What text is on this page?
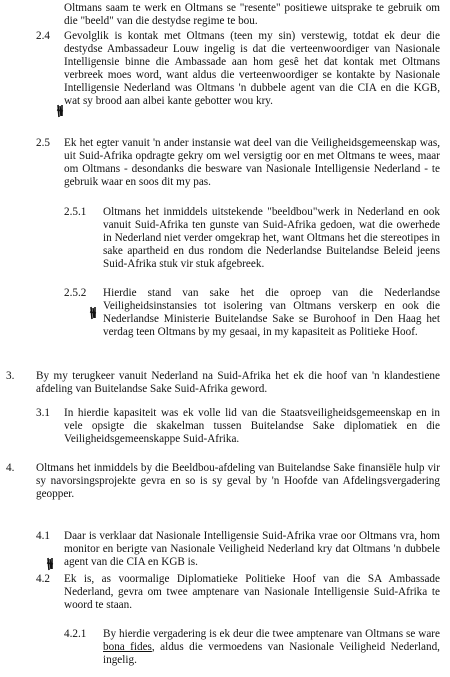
Oltmans saam te werk en Oltmans se "resente" positiewe uitsprake te gebruik om die "beeld" van die destydse regime te bou.
2.4 Gevolglik is kontak met Oltmans (teen my sin) verstewig, totdat ek deur die destydse Ambassadeur Louw ingelig is dat die verteenwoordiger van Nasionale Intelligensie binne die Ambassade aan hom gesê het dat kontak met Oltmans verbreek moes word, want aldus die verteenwoordiger se kontakte by Nasionale Intelligensie Nederland was Oltmans 'n dubbele agent van die CIA en die KGB, wat sy brood aan albei kante gebotter wou kry.
2.5 Ek het egter vanuit 'n ander instansie wat deel van die Veiligheidsgemeenskap was, uit Suid-Afrika opdragte gekry om wel versigtig oor en met Oltmans te wees, maar om Oltmans - desondanks die besware van Nasionale Intelligensie Nederland - te gebruik waar en soos dit my pas.
2.5.1 Oltmans het inmiddels uitstekende "beeldbou"werk in Nederland en ook vanuit Suid-Afrika ten gunste van Suid-Afrika gedoen, wat die owerhede in Nederland niet verder omgekrap het, want Oltmans het die stereotipes in sake apartheid en dus rondom die Nederlandse Buitelandse Beleid jeens Suid-Afrika stuk vir stuk afgebreek.
2.5.2 Hierdie stand van sake het die oproep van die Nederlandse Veiligheidsinstansies tot isolering van Oltmans verskerp en ook die Nederlandse Ministerie Buitelandse Sake se Burohoof in Den Haag het verdag teen Oltmans by my gesaai, in my kapasiteit as Politieke Hoof.
3. By my terugkeer vanuit Nederland na Suid-Afrika het ek die hoof van 'n klandestiene afdeling van Buitelandse Sake Suid-Afrika geword.
3.1 In hierdie kapasiteit was ek volle lid van die Staatsveiligheidsgemeenskap en in vele opsigte die skakelman tussen Buitelandse Sake diplomatiek en die Veiligheidsgemeenskappe Suid-Afrika.
4. Oltmans het inmiddels by die Beeldbou-afdeling van Buitelandse Sake finansiële hulp vir sy navorsingsprojekte gevra en so is sy geval by 'n Hoofde van Afdelingsvergadering geopper.
4.1 Daar is verklaar dat Nasionale Intelligensie Suid-Afrika vrae oor Oltmans vra, hom monitor en berigte van Nasionale Veiligheid Nederland kry dat Oltmans 'n dubbele agent van die CIA en KGB is.
4.2 Ek is, as voormalige Diplomatieke Politieke Hoof van die SA Ambassade Nederland, gevra om twee amptenare van Nasionale Intelligensie Suid-Afrika te woord te staan.
4.2.1 By hierdie vergadering is ek deur die twee amptenare van Oltmans se ware bona fides, aldus die vermoedens van Nasionale Veiligheid Nederland, ingelig.
